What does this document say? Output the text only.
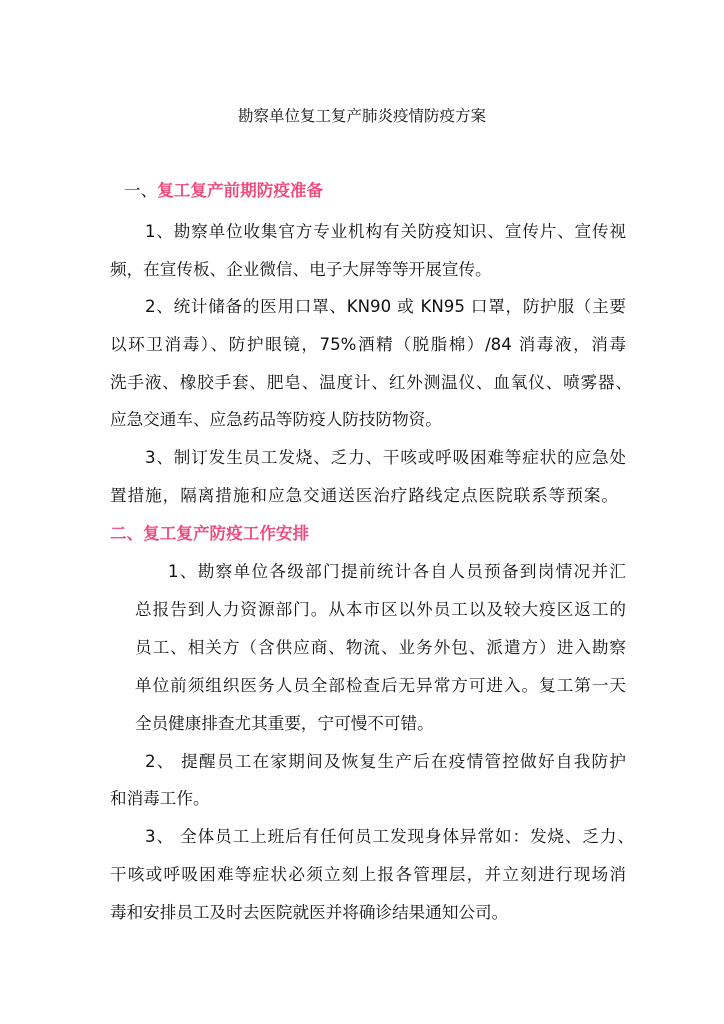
勘察单位复工复产肺炎疫情防疫方案
一、复工复产前期防疫准备
1、勘察单位收集官方专业机构有关防疫知识、宣传片、宣传视
频，在宣传板、企业微信、电子大屏等等开展宣传。
2、统计储备的医用口罩、KN90 或 KN95 口罩，防护服（主要
以环卫消毒）、防护眼镜，75%酒精（脱脂棉）/84 消毒液，消毒
洗手液、橡胶手套、肥皂、温度计、红外测温仪、血氧仪、喷雾器、
应急交通车、应急药品等防疫人防技防物资。
3、制订发生员工发烧、乏力、干咳或呼吸困难等症状的应急处
置措施，隔离措施和应急交通送医治疗路线定点医院联系等预案。
二、复工复产防疫工作安排
1、勘察单位各级部门提前统计各自人员预备到岗情况并汇
总报告到人力资源部门。从本市区以外员工以及较大疫区返工的
员工、相关方（含供应商、物流、业务外包、派遣方）进入勘察
单位前须组织医务人员全部检查后无异常方可进入。复工第一天
全员健康排查尤其重要，宁可慢不可错。
2、 提醒员工在家期间及恢复生产后在疫情管控做好自我防护
和消毒工作。
3、 全体员工上班后有任何员工发现身体异常如：发烧、乏力、
干咳或呼吸困难等症状必须立刻上报各管理层，并立刻进行现场消
毒和安排员工及时去医院就医并将确诊结果通知公司。
